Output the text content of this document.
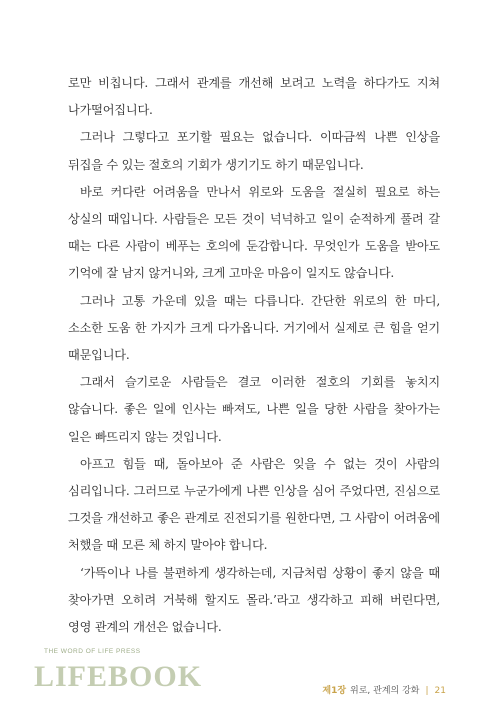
로만 비칩니다. 그래서 관계를 개선해 보려고 노력을 하다가도 지쳐 나가떨어집니다.

그러나 그렇다고 포기할 필요는 없습니다. 이따금씩 나쁜 인상을 뒤집을 수 있는 절호의 기회가 생기기도 하기 때문입니다.

바로 커다란 어려움을 만나서 위로와 도움을 절실히 필요로 하는 상실의 때입니다. 사람들은 모든 것이 넉넉하고 일이 순적하게 풀려 갈 때는 다른 사람이 베푸는 호의에 둔감합니다. 무엇인가 도움을 받아도 기억에 잘 남지 않거니와, 크게 고마운 마음이 일지도 않습니다.

그러나 고통 가운데 있을 때는 다릅니다. 간단한 위로의 한 마디, 소소한 도움 한 가지가 크게 다가옵니다. 거기에서 실제로 큰 힘을 얻기 때문입니다.

그래서 슬기로운 사람들은 결코 이러한 절호의 기회를 놓치지 않습니다. 좋은 일에 인사는 빠져도, 나쁜 일을 당한 사람을 찾아가는 일은 빠뜨리지 않는 것입니다.

아프고 힘들 때, 돌아보아 준 사람은 잊을 수 없는 것이 사람의 심리입니다. 그러므로 누군가에게 나쁜 인상을 심어 주었다면, 진심으로 그것을 개선하고 좋은 관계로 진전되기를 원한다면, 그 사람이 어려움에 처했을 때 모른 체 하지 말아야 합니다.

‘가뜩이나 나를 불편하게 생각하는데, 지금처럼 상황이 좋지 않을 때 찾아가면 오히려 거북해 할지도 몰라.’라고 생각하고 피해 버린다면, 영영 관계의 개선은 없습니다.

THE WORD OF LIFE PRESS
LIFEBOOK	제1장 위로, 관계의 강화 | 21
